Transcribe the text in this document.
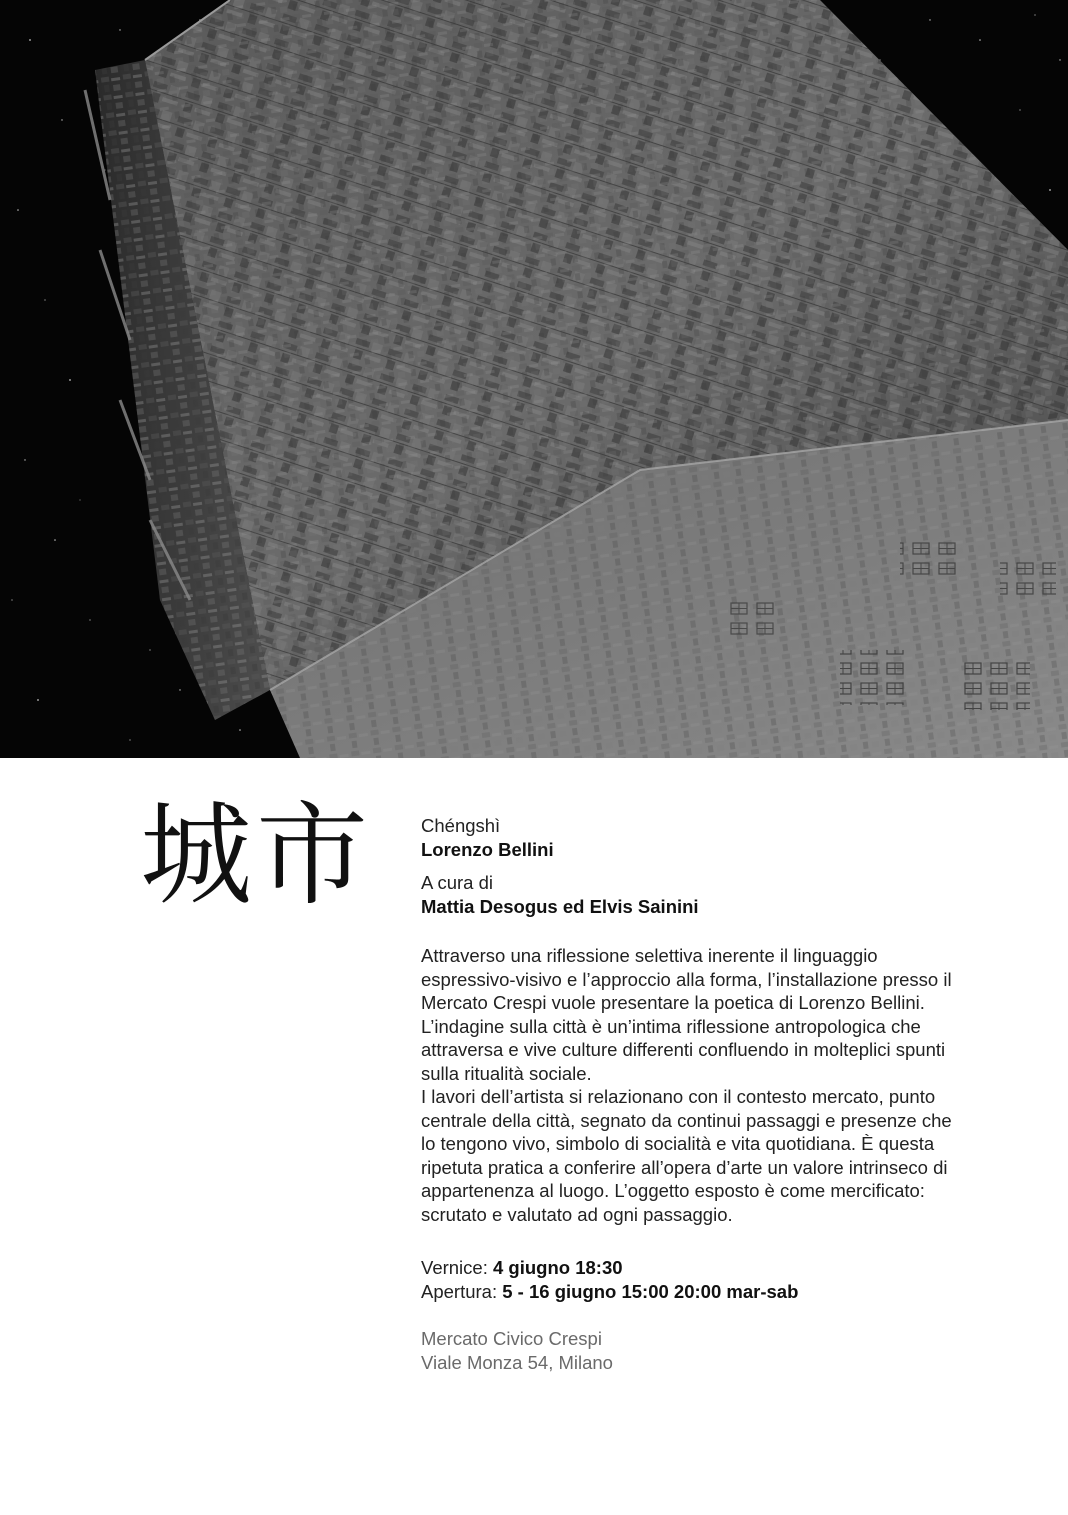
城市	Chéngshì

Lorenzo Bellini

A cura di

Mattia Desogus ed Elvis Sainini

Attraverso una riflessione selettiva inerente il linguaggio espressivo-visivo e l’approccio alla forma, l’installazione presso il Mercato Crespi vuole presentare la poetica di Lorenzo Bellini. L’indagine sulla città è un’intima riflessione antropologica che attraversa e vive culture differenti confluendo in molteplici spunti sulla ritualità sociale.

I lavori dell’artista si relazionano con il contesto mercato, punto centrale della città, segnato da continui passaggi e presenze che lo tengono vivo, simbolo di socialità e vita quotidiana. È questa ripetuta pratica a conferire all’opera d’arte un valore intrinseco di appartenenza al luogo. L’oggetto esposto è come mercificato: scrutato e valutato ad ogni passaggio.

Vernice: 4 giugno 18:30

Apertura: 5 - 16 giugno 15:00 20:00 mar-sab

Mercato Civico Crespi

Viale Monza 54, Milano
